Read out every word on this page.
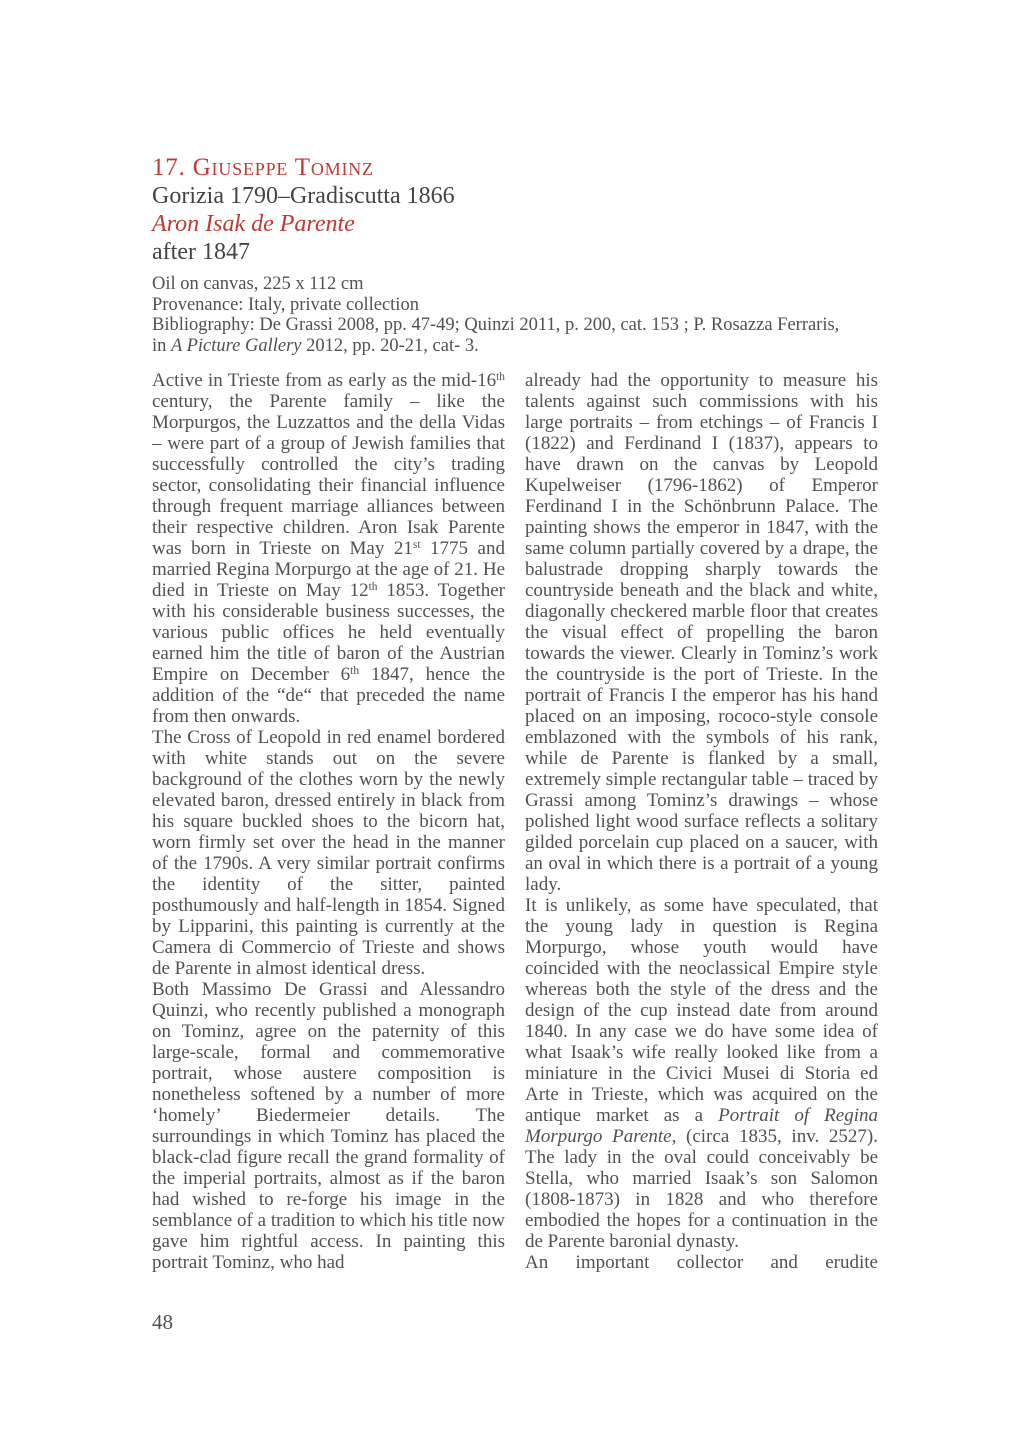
17. Giuseppe Tominz
Gorizia 1790–Gradiscutta 1866
Aron Isak de Parente
after 1847
Oil on canvas, 225 x 112 cm
Provenance: Italy, private collection
Bibliography: De Grassi 2008, pp. 47-49; Quinzi 2011, p. 200, cat. 153 ; P. Rosazza Ferraris,
in A Picture Gallery 2012, pp. 20-21, cat- 3.

Active in Trieste from as early as the mid-16th century, the Parente family – like the Morpurgos, the Luzzattos and the della Vidas – were part of a group of Jewish families that successfully controlled the city’s trading sector, consolidating their financial influence through frequent marriage alliances between their respective children. Aron Isak Parente was born in Trieste on May 21st 1775 and married Regina Morpurgo at the age of 21. He died in Trieste on May 12th 1853. Together with his considerable business successes, the various public offices he held eventually earned him the title of baron of the Austrian Empire on December 6th 1847, hence the addition of the “de“ that preceded the name from then onwards.

The Cross of Leopold in red enamel bordered with white stands out on the severe background of the clothes worn by the newly elevated baron, dressed entirely in black from his square buckled shoes to the bicorn hat, worn firmly set over the head in the manner of the 1790s. A very similar portrait confirms the identity of the sitter, painted posthumously and half-length in 1854. Signed by Lipparini, this painting is currently at the Camera di Commercio of Trieste and shows de Parente in almost identical dress.

Both Massimo De Grassi and Alessandro Quinzi, who recently published a monograph on Tominz, agree on the paternity of this large-scale, formal and commemorative portrait, whose austere composition is nonetheless softened by a number of more ‘homely’ Biedermeier details. The surroundings in which Tominz has placed the black-clad figure recall the grand formality of the imperial portraits, almost as if the baron had wished to re-forge his image in the semblance of a tradition to which his title now gave him rightful access. In painting this portrait Tominz, who had

already had the opportunity to measure his talents against such commissions with his large portraits – from etchings – of Francis I (1822) and Ferdinand I (1837), appears to have drawn on the canvas by Leopold Kupelweiser (1796-1862) of Emperor Ferdinand I in the Schönbrunn Palace. The painting shows the emperor in 1847, with the same column partially covered by a drape, the balustrade dropping sharply towards the countryside beneath and the black and white, diagonally checkered marble floor that creates the visual effect of propelling the baron towards the viewer. Clearly in Tominz’s work the countryside is the port of Trieste. In the portrait of Francis I the emperor has his hand placed on an imposing, rococo-style console emblazoned with the symbols of his rank, while de Parente is flanked by a small, extremely simple rectangular table – traced by Grassi among Tominz’s drawings – whose polished light wood surface reflects a solitary gilded porcelain cup placed on a saucer, with an oval in which there is a portrait of a young lady.

It is unlikely, as some have speculated, that the young lady in question is Regina Morpurgo, whose youth would have coincided with the neoclassical Empire style whereas both the style of the dress and the design of the cup instead date from around 1840. In any case we do have some idea of what Isaak’s wife really looked like from a miniature in the Civici Musei di Storia ed Arte in Trieste, which was acquired on the antique market as a Portrait of Regina Morpurgo Parente, (circa 1835, inv. 2527). The lady in the oval could conceivably be Stella, who married Isaak’s son Salomon (1808-1873) in 1828 and who therefore embodied the hopes for a continuation in the de Parente baronial dynasty.

An important collector and erudite

48
